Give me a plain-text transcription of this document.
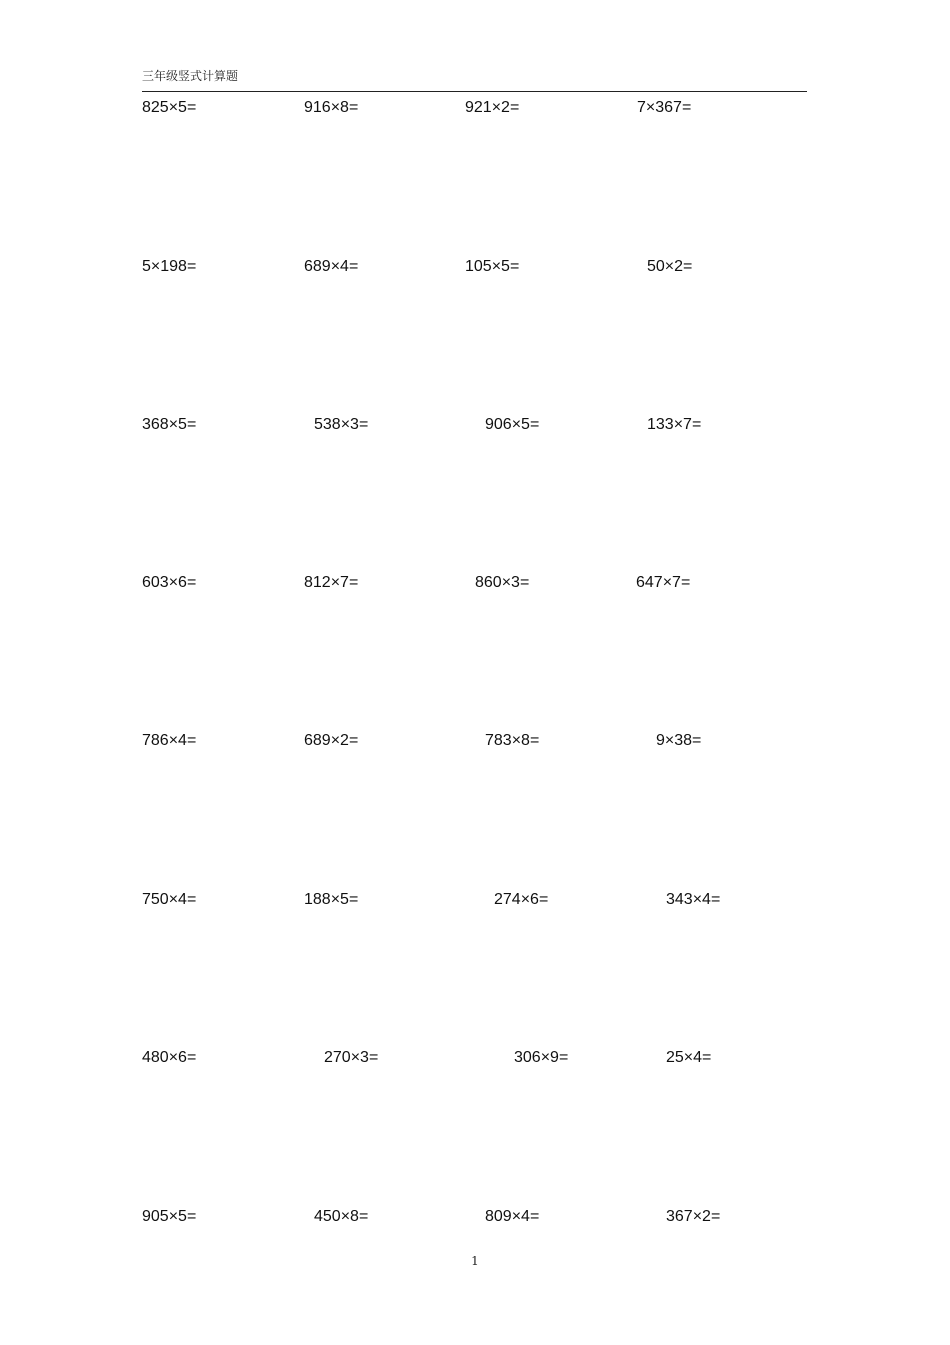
三年级竖式计算题
825×5=	916×8=	921×2=	7×367=
5×198=	689×4=	105×5=	50×2=
368×5=	538×3=	906×5=	133×7=
603×6=	812×7=	860×3=	647×7=
786×4=	689×2=	783×8=	9×38=
750×4=	188×5=	274×6=	343×4=
480×6=	270×3=	306×9=	25×4=
905×5=	450×8=	809×4=	367×2=
1
